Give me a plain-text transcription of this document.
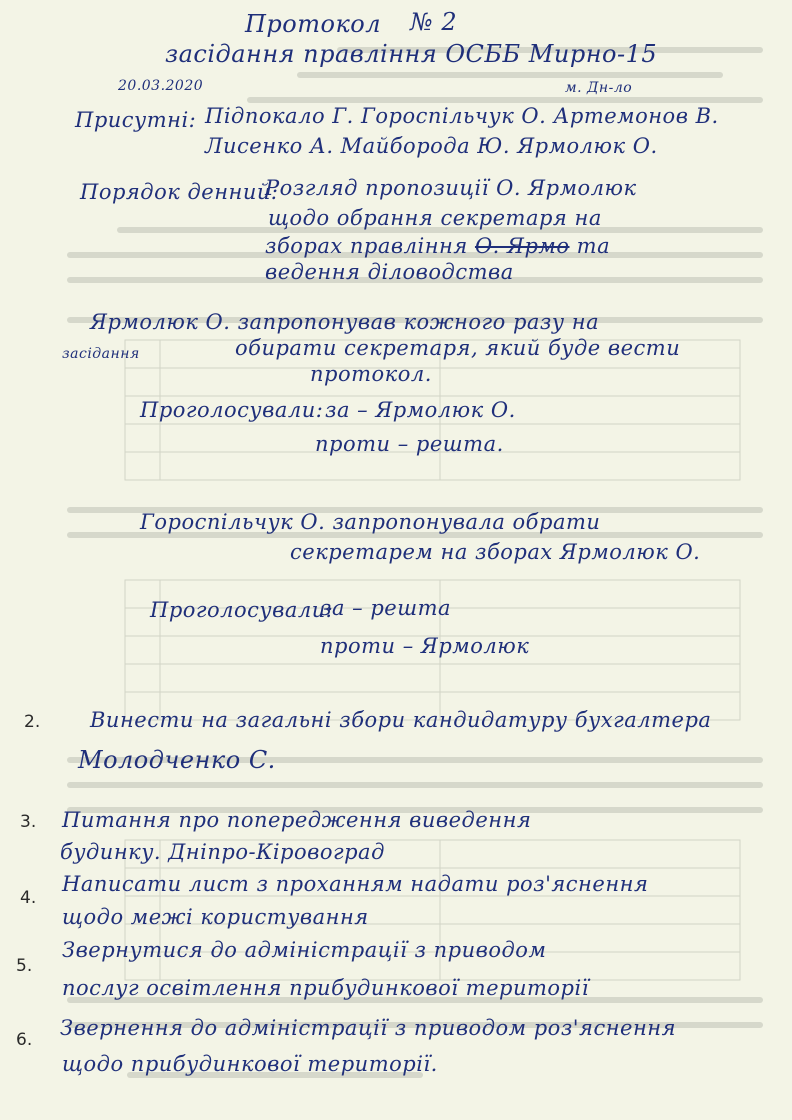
Протокол № 2
засідання правління ОСББ Мирно-15
20.03.2020	м. Дн-ло
Присутні: Підпокало Г. Гороспільчук О. Артемонов В.
Лисенко А. Майборода Ю. Ярмолюк О.
Порядок денний:
Розгляд пропозиції О. Ярмолюк
щодо обрання секретаря на
зборах правління О. Ярмо та
ведення діловодства
Ярмолюк О. запропонував кожного разу на
засідання	обирати секретаря, який буде вести
протокол.
Проголосували: за – Ярмолюк О.
проти – решта.
Гороспільчук О. запропонувала обрати
секретарем на зборах Ярмолюк О.
Проголосували:
за – решта
проти – Ярмолюк
2. Винести на загальні збори кандидатуру бухгалтера
Молодченко С.
3. Питання про попередження виведення
будинку. Дніпро-Кіровоград
4.
Написати лист з проханням надати роз'яснення
щодо межі користування
5.
Звернутися до адміністрації з приводом
послуг освітлення прибудинкової території
6. Звернення до адміністрації з приводом роз'яснення
щодо прибудинкової території.
